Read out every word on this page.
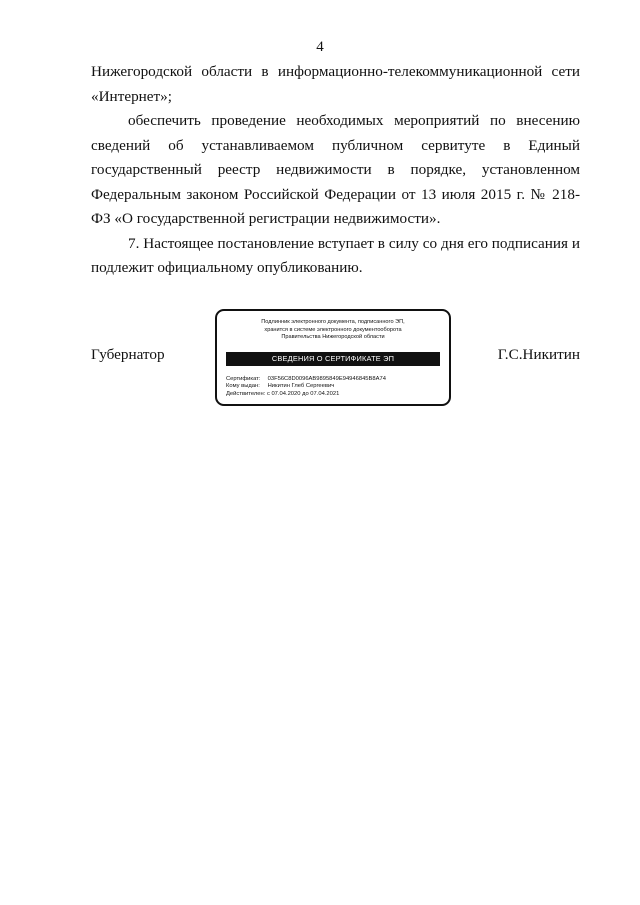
4

Нижегородской области в информационно-телекоммуникационной сети «Интернет»;

обеспечить проведение необходимых мероприятий по внесению сведений об устанавливаемом публичном сервитуте в Единый государственный реестр недвижимости в порядке, установленном Федеральным законом Российской Федерации от 13 июля 2015 г. № 218-ФЗ «О государственной регистрации недвижимости».

7. Настоящее постановление вступает в силу со дня его подписания и подлежит официальному опубликованию.

Губернатор
Подлинник электронного документа, подписанного ЭП,
хранится в системе электронного документооборота
Правительства Нижегородской области
СВЕДЕНИЯ О СЕРТИФИКАТЕ ЭП
Сертификат: 03F56C8D0096AB9895849E94946845B8A74
Кому выдан: Никитин Глеб Сергеевич
Действителен: с 07.04.2020 до 07.04.2021
Г.С.Никитин
